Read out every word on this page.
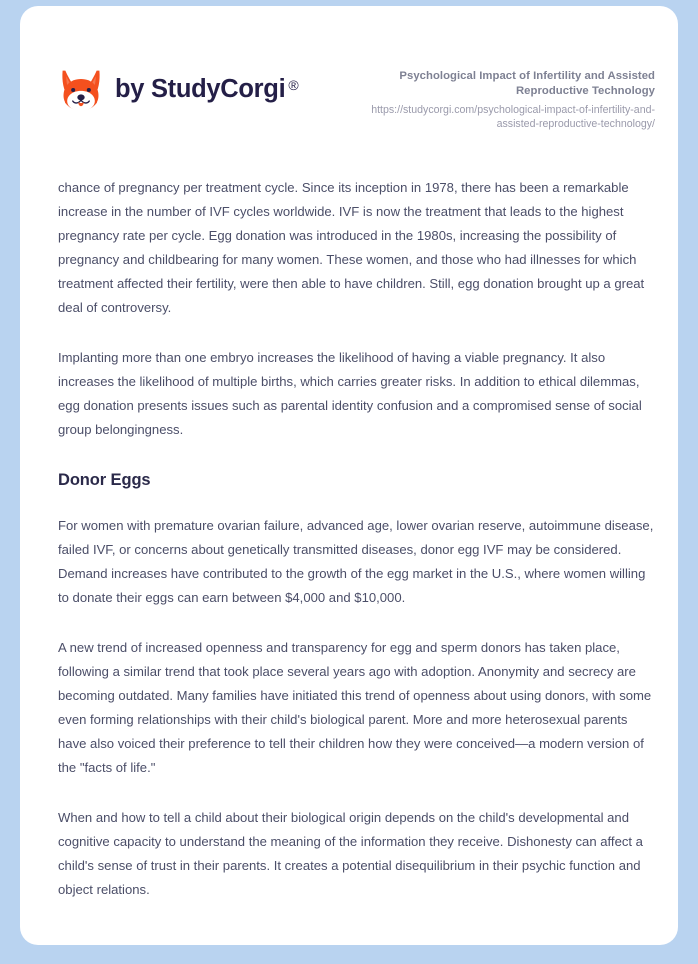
by StudyCorgi ®

Psychological Impact of Infertility and Assisted Reproductive Technology

https://studycorgi.com/psychological-impact-of-infertility-and-assisted-reproductive-technology/

chance of pregnancy per treatment cycle. Since its inception in 1978, there has been a remarkable increase in the number of IVF cycles worldwide. IVF is now the treatment that leads to the highest pregnancy rate per cycle. Egg donation was introduced in the 1980s, increasing the possibility of pregnancy and childbearing for many women. These women, and those who had illnesses for which treatment affected their fertility, were then able to have children. Still, egg donation brought up a great deal of controversy.

Implanting more than one embryo increases the likelihood of having a viable pregnancy. It also increases the likelihood of multiple births, which carries greater risks. In addition to ethical dilemmas, egg donation presents issues such as parental identity confusion and a compromised sense of social group belongingness.

Donor Eggs

For women with premature ovarian failure, advanced age, lower ovarian reserve, autoimmune disease, failed IVF, or concerns about genetically transmitted diseases, donor egg IVF may be considered. Demand increases have contributed to the growth of the egg market in the U.S., where women willing to donate their eggs can earn between $4,000 and $10,000.

A new trend of increased openness and transparency for egg and sperm donors has taken place, following a similar trend that took place several years ago with adoption. Anonymity and secrecy are becoming outdated. Many families have initiated this trend of openness about using donors, with some even forming relationships with their child's biological parent. More and more heterosexual parents have also voiced their preference to tell their children how they were conceived—a modern version of the "facts of life."

When and how to tell a child about their biological origin depends on the child's developmental and cognitive capacity to understand the meaning of the information they receive. Dishonesty can affect a child's sense of trust in their parents. It creates a potential disequilibrium in their psychic function and object relations.
